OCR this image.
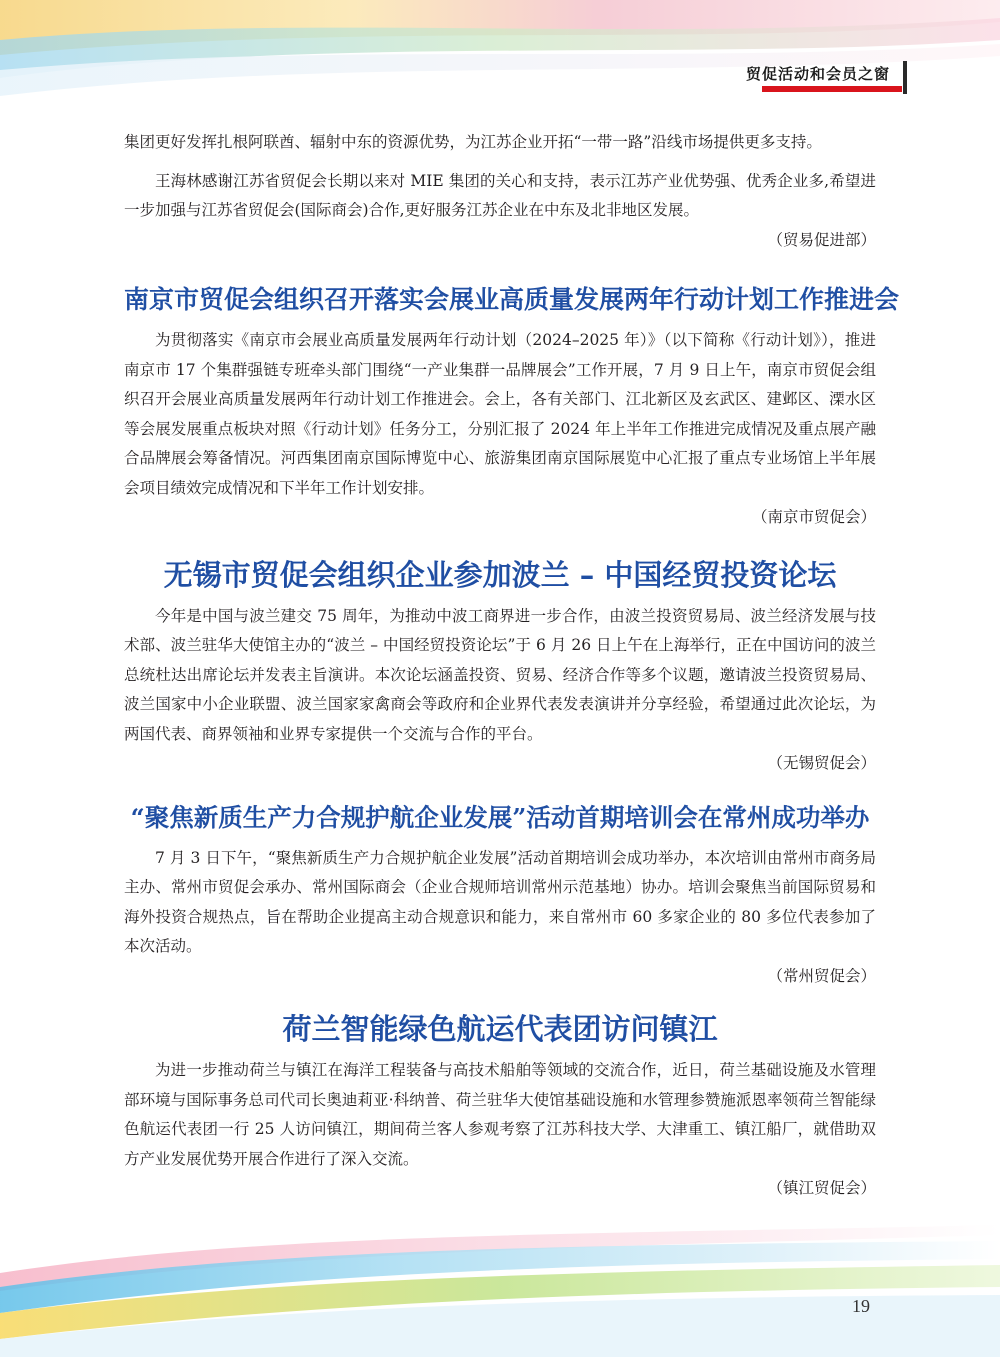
贸促活动和会员之窗

集团更好发挥扎根阿联酋、辐射中东的资源优势，为江苏企业开拓“一带一路”沿线市场提供更多支持。

王海林感谢江苏省贸促会长期以来对 MIE 集团的关心和支持，表示江苏产业优势强、优秀企业多,希望进一步加强与江苏省贸促会(国际商会)合作,更好服务江苏企业在中东及北非地区发展。

（贸易促进部）

南京市贸促会组织召开落实会展业高质量发展两年行动计划工作推进会

为贯彻落实《南京市会展业高质量发展两年行动计划（2024–2025 年）》（以下简称《行动计划》），推进南京市 17 个集群强链专班牵头部门围绕“一产业集群一品牌展会”工作开展，7 月 9 日上午，南京市贸促会组织召开会展业高质量发展两年行动计划工作推进会。会上，各有关部门、江北新区及玄武区、建邺区、溧水区等会展发展重点板块对照《行动计划》任务分工，分别汇报了 2024 年上半年工作推进完成情况及重点展产融合品牌展会筹备情况。河西集团南京国际博览中心、旅游集团南京国际展览中心汇报了重点专业场馆上半年展会项目绩效完成情况和下半年工作计划安排。

（南京市贸促会）

无锡市贸促会组织企业参加波兰 – 中国经贸投资论坛

今年是中国与波兰建交 75 周年，为推动中波工商界进一步合作，由波兰投资贸易局、波兰经济发展与技术部、波兰驻华大使馆主办的“波兰 – 中国经贸投资论坛”于 6 月 26 日上午在上海举行，正在中国访问的波兰总统杜达出席论坛并发表主旨演讲。本次论坛涵盖投资、贸易、经济合作等多个议题，邀请波兰投资贸易局、波兰国家中小企业联盟、波兰国家家禽商会等政府和企业界代表发表演讲并分享经验，希望通过此次论坛，为两国代表、商界领袖和业界专家提供一个交流与合作的平台。

（无锡贸促会）

“聚焦新质生产力合规护航企业发展”活动首期培训会在常州成功举办

7 月 3 日下午，“聚焦新质生产力合规护航企业发展”活动首期培训会成功举办，本次培训由常州市商务局主办、常州市贸促会承办、常州国际商会（企业合规师培训常州示范基地）协办。培训会聚焦当前国际贸易和海外投资合规热点，旨在帮助企业提高主动合规意识和能力，来自常州市 60 多家企业的 80 多位代表参加了本次活动。

（常州贸促会）

荷兰智能绿色航运代表团访问镇江

为进一步推动荷兰与镇江在海洋工程装备与高技术船舶等领域的交流合作，近日，荷兰基础设施及水管理部环境与国际事务总司代司长奥迪莉亚·科纳普、荷兰驻华大使馆基础设施和水管理参赞施派恩率领荷兰智能绿色航运代表团一行 25 人访问镇江，期间荷兰客人参观考察了江苏科技大学、大津重工、镇江船厂，就借助双方产业发展优势开展合作进行了深入交流。

（镇江贸促会）

19
